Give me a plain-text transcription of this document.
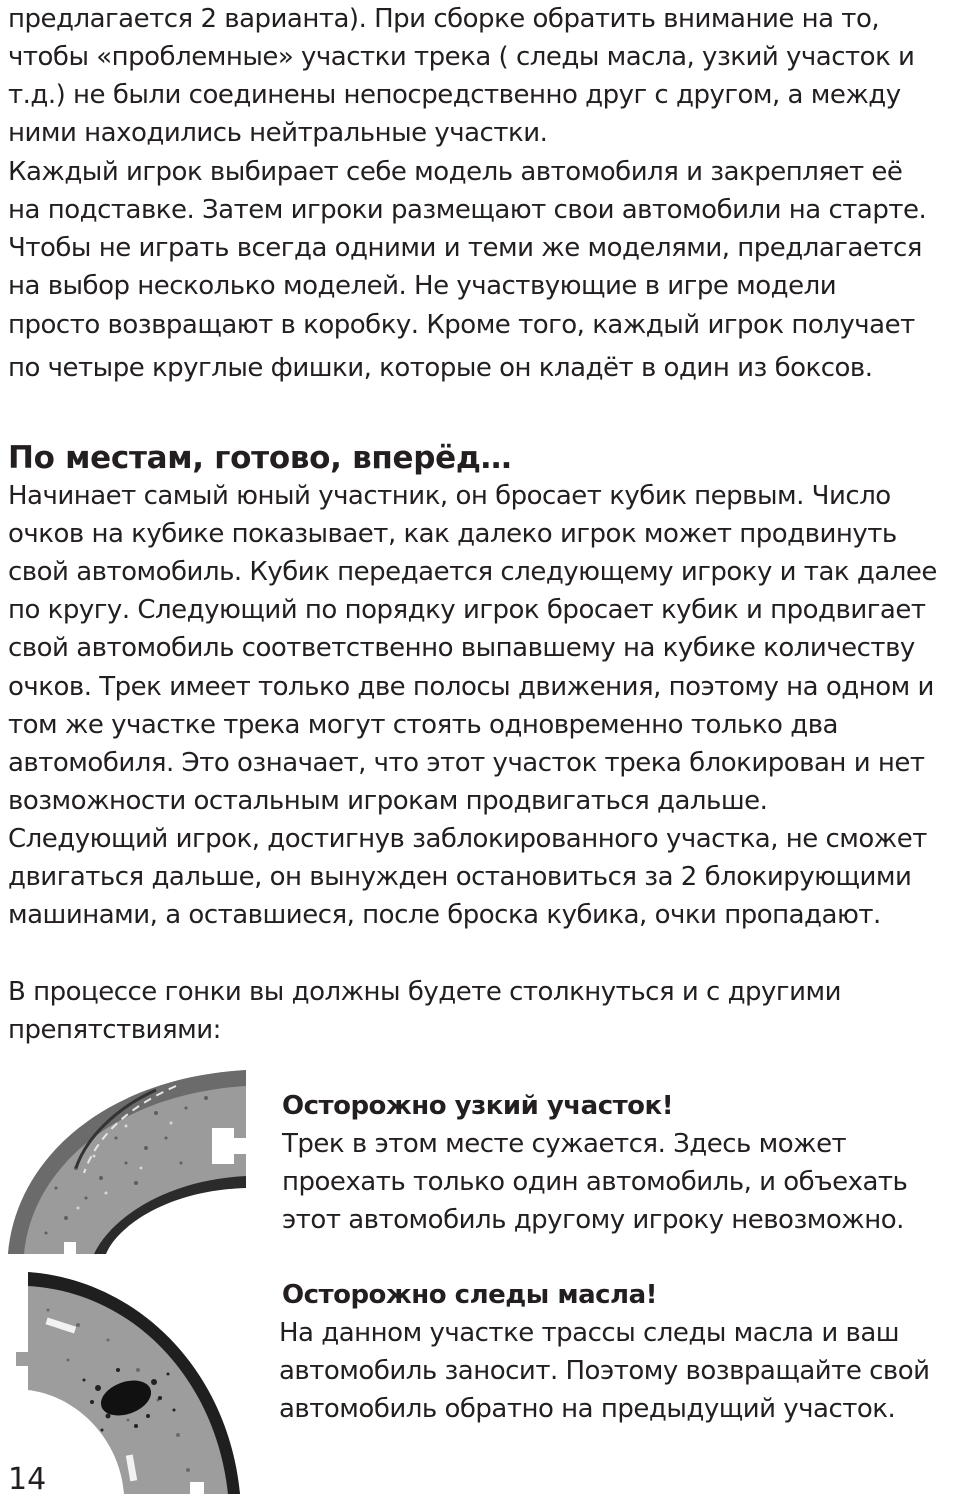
предлагается 2 варианта). При сборке обратить внимание на то,
чтобы «проблемные» участки трека ( следы масла, узкий участок и
т.д.) не были соединены непосредственно друг с другом, а между
ними находились нейтральные участки.
Каждый игрок выбирает себе модель автомобиля и закрепляет её
на подставке. Затем игроки размещают свои автомобили на старте.
Чтобы не играть всегда одними и теми же моделями, предлагается
на выбор несколько моделей. Не участвующие в игре модели
просто возвращают в коробку. Кроме того, каждый игрок получает
по четыре круглые фишки, которые он кладёт в один из боксов.
По местам, готово, вперёд…
Начинает самый юный участник, он бросает кубик первым. Число
очков на кубике показывает, как далеко игрок может продвинуть
свой автомобиль. Кубик передается следующему игроку и так далее
по кругу. Следующий по порядку игрок бросает кубик и продвигает
свой автомобиль соответственно выпавшему на кубике количеству
очков. Трек имеет только две полосы движения, поэтому на одном и
том же участке трека могут стоять одновременно только два
автомобиля. Это означает, что этот участок трека блокирован и нет
возможности остальным игрокам продвигаться дальше.
Следующий игрок, достигнув заблокированного участка, не сможет
двигаться дальше, он вынужден остановиться за 2 блокирующими
машинами, а оставшиеся, после броска кубика, очки пропадают.
В процессе гонки вы должны будете столкнуться и с другими
препятствиями:
Осторожно узкий участок!
Трек в этом месте сужается. Здесь может
проехать только один автомобиль, и объехать
этот автомобиль другому игроку невозможно.
Осторожно следы масла!
На данном участке трассы следы масла и ваш
автомобиль заносит. Поэтому возвращайте свой
автомобиль обратно на предыдущий участок.
14
